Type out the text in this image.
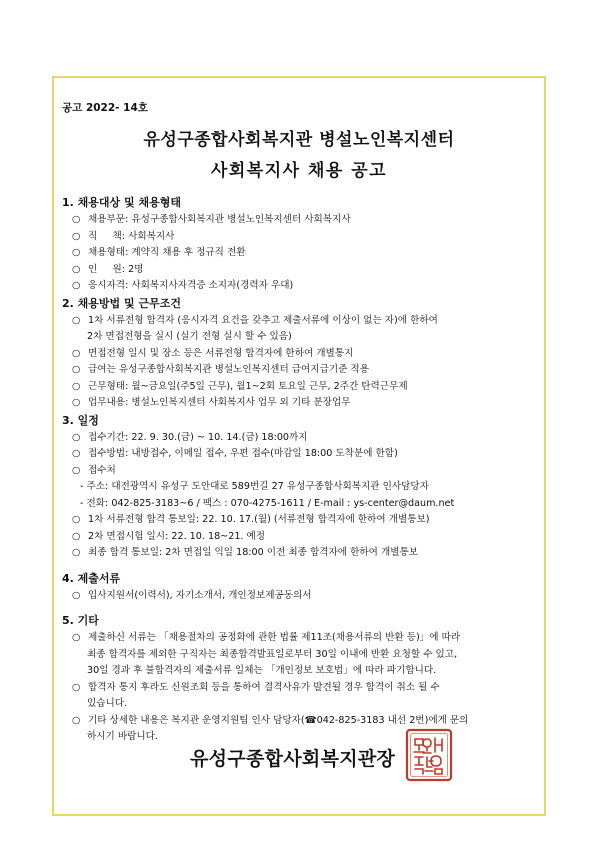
공고 2022- 14호
유성구종합사회복지관 병설노인복지센터
사회복지사 채용 공고
1. 채용대상 및 채용형태
○ 채용부문: 유성구종합사회복지관 병설노인복지센터 사회복지사
○ 직     책: 사회복지사
○ 채용형태: 계약직 채용 후 정규직 전환
○ 인     원: 2명
○ 응시자격: 사회복지사자격증 소지자(경력자 우대)
2. 채용방법 및 근무조건
○ 1차 서류전형 합격자 (응시자격 요건을 갖추고 제출서류에 이상이 없는 자)에 한하여
2차 면접전형을 실시 (실기 전형 실시 할 수 있음)
○ 면접전형 일시 및 장소 등은 서류전형 합격자에 한하여 개별통지
○ 급여는 유성구종합사회복지관 병설노인복지센터 급여지급기준 적용
○ 근무형태: 월~금요일(주5일 근무), 월1~2회 토요일 근무, 2주간 탄력근무제
○ 업무내용: 병설노인복지센터 사회복지사 업무 외 기타 분장업무
3. 일정
○ 접수기간: 22. 9. 30.(금) ~ 10. 14.(금) 18:00까지
○ 접수방법: 내방접수, 이메일 접수, 우편 접수(마감일 18:00 도착분에 한함)
○ 접수처
- 주소: 대전광역시 유성구 도안대로 589번길 27 유성구종합사회복지관 인사담당자
- 전화: 042-825-3183~6 / 팩스 : 070-4275-1611 / E-mail : ys-center@daum.net
○ 1차 서류전형 합격 통보일: 22. 10. 17.(월) (서류전형 합격자에 한하여 개별통보)
○ 2차 면접시험 일시: 22. 10. 18~21. 예정
○ 최종 합격 통보일: 2차 면접일 익일 18:00 이전 최종 합격자에 한하여 개별통보
4. 제출서류
○ 입사지원서(이력서), 자기소개서, 개인정보제공동의서
5. 기타
○ 제출하신 서류는 「채용절차의 공정화에 관한 법률 제11조(채용서류의 반환 등)」에 따라
최종 합격자를 제외한 구직자는 최종합격발표일로부터 30일 이내에 반환 요청할 수 있고,
30일 경과 후 불합격자의 제출서류 일체는 「개인정보 보호법」에 따라 파기합니다.
○ 합격자 통지 후라도 신원조회 등을 통하여 결격사유가 발견될 경우 합격이 취소 될 수
있습니다.
○ 기타 상세한 내용은 복지관 운영지원팀 인사 담당자(☎042-825-3183 내선 2번)에게 문의
하시기 바랍니다.
유성구종합사회복지관장
